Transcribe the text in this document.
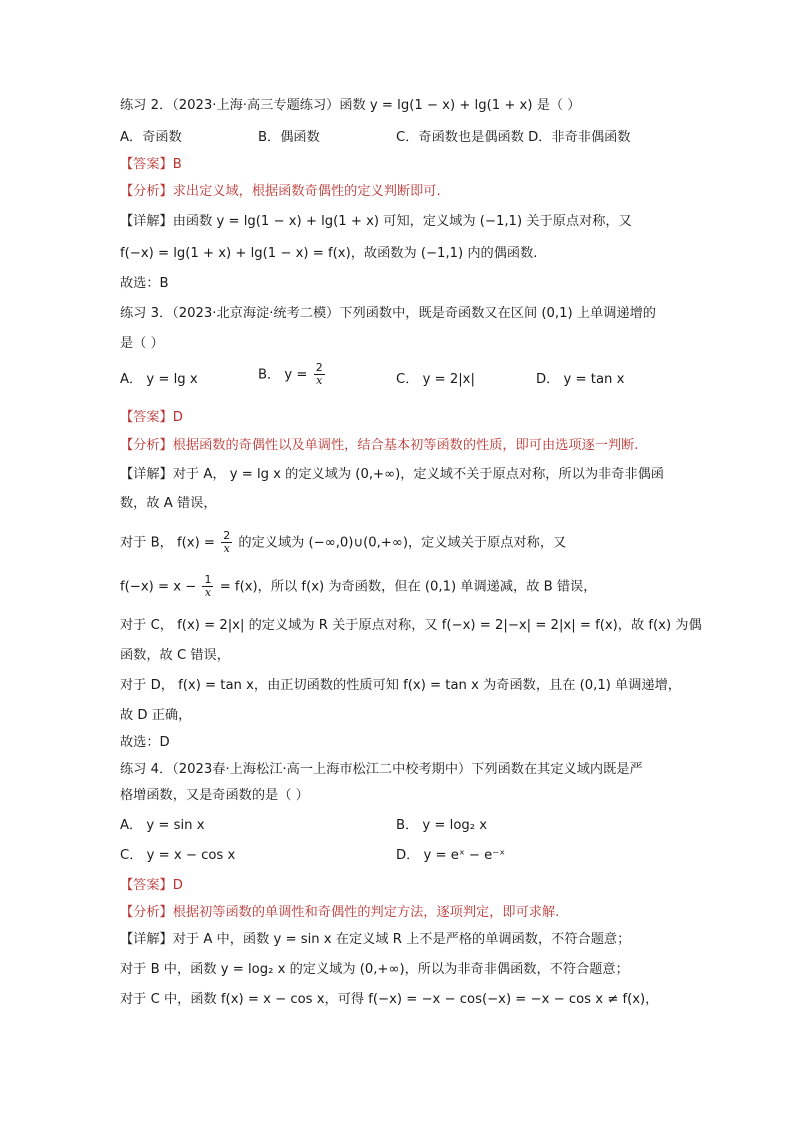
练习 2．（2023·上海·高三专题练习）函数 y = lg(1 − x) + lg(1 + x) 是（ ）
A．奇函数	B．偶函数	C．奇函数也是偶函数 D．非奇非偶函数
【答案】B
【分析】求出定义域，根据函数奇偶性的定义判断即可.
【详解】由函数 y = lg(1 − x) + lg(1 + x) 可知，定义域为 (−1,1) 关于原点对称，又
f(−x) = lg(1 + x) + lg(1 − x) = f(x)，故函数为 (−1,1) 内的偶函数.
故选：B
练习 3．（2023·北京海淀·统考二模）下列函数中，既是奇函数又在区间 (0,1) 上单调递增的
是（ ）
A． y = lg x	B． $y = \frac{2}{x}$	C． y = 2|x|	D． y = tan x
【答案】D
【分析】根据函数的奇偶性以及单调性，结合基本初等函数的性质，即可由选项逐一判断.
【详解】对于 A， y = lg x 的定义域为 (0,+∞)，定义域不关于原点对称，所以为非奇非偶函
数，故 A 错误，
对于 B， $f(x) = \frac{2}{x}$ 的定义域为 (−∞,0)∪(0,+∞)，定义域关于原点对称，又
$f(-x) = x - \frac{1}{x} = f(x)$，所以 f(x) 为奇函数，但在 (0,1) 单调递减，故 B 错误，
对于 C， f(x) = 2|x| 的定义域为 R 关于原点对称，又 f(−x) = 2|−x| = 2|x| = f(x)，故 f(x) 为偶
函数，故 C 错误，
对于 D， f(x) = tan x，由正切函数的性质可知 f(x) = tan x 为奇函数，且在 (0,1) 单调递增，
故 D 正确，
故选：D
练习 4．（2023春·上海松江·高一上海市松江二中校考期中）下列函数在其定义域内既是严
格增函数，又是奇函数的是（ ）
A． y = sin x	B． y = log₂ x
C． y = x − cos x	D． y = eˣ − e⁻ˣ
【答案】D
【分析】根据初等函数的单调性和奇偶性的判定方法，逐项判定，即可求解.
【详解】对于 A 中，函数 y = sin x 在定义域 R 上不是严格的单调函数，不符合题意；
对于 B 中，函数 y = log₂ x 的定义域为 (0,+∞)，所以为非奇非偶函数，不符合题意；
对于 C 中，函数 f(x) = x − cos x，可得 f(−x) = −x − cos(−x) = −x − cos x ≠ f(x)，
